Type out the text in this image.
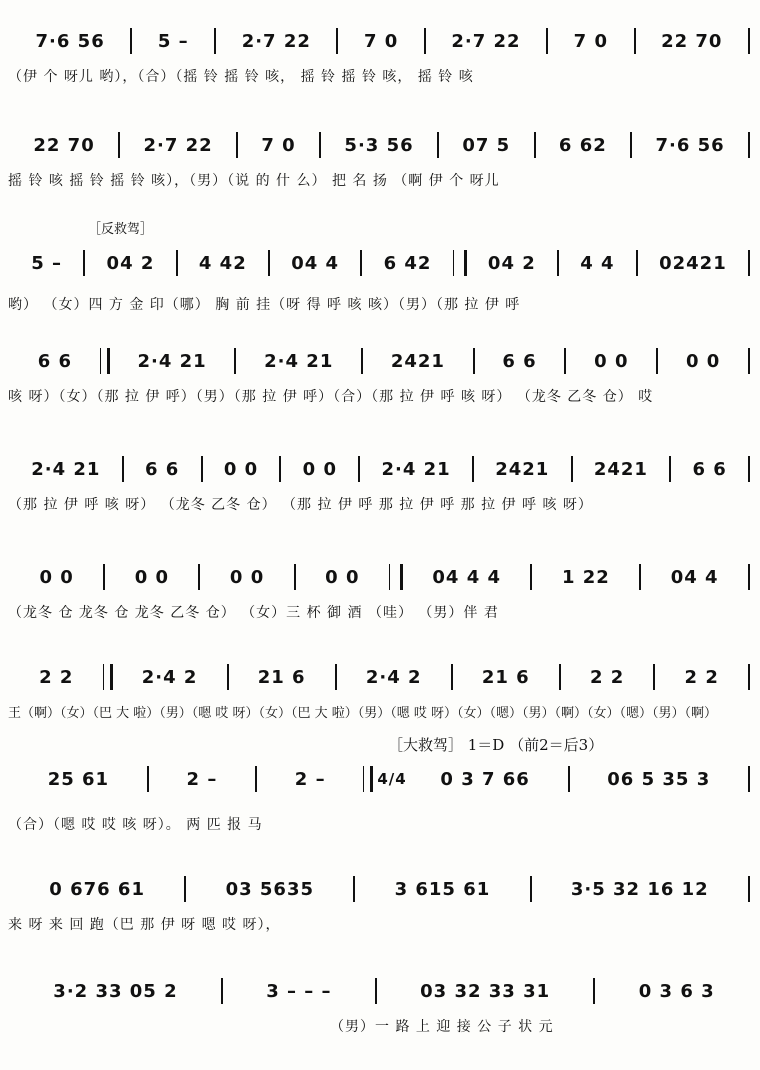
7·6 56	5 –	2·7 22	7 0	2·7 22	7 0	22 70
（伊 个 呀儿 哟），（合）（摇 铃 摇 铃 咳， 摇 铃 摇 铃 咳， 摇 铃 咳
22 70	2·7 22	7 0	5·3 56	07 5	6 62	7·6 56
摇 铃 咳 摇 铃 摇 铃 咳），（男）（说 的 什 么） 把 名 扬 （啊 伊 个 呀儿
［反救驾］
5 –	04 2	4 42	04 4	6 42	04 2	4 4	02421
哟） （女）四 方 金 印（哪） 胸 前 挂（呀 得 呼 咳 咳）（男）（那 拉 伊 呼
6 6	2·4 21	2·4 21	2421	6 6	0 0	0 0
咳 呀）（女）（那 拉 伊 呼）（男）（那 拉 伊 呼）（合）（那 拉 伊 呼 咳 呀） （龙冬 乙冬 仓） 哎
2·4 21	6 6	0 0	0 0	2·4 21	2421	2421	6 6
（那 拉 伊 呼 咳 呀） （龙冬 乙冬 仓） （那 拉 伊 呼 那 拉 伊 呼 那 拉 伊 呼 咳 呀）
0 0	0 0	0 0	0 0	04 4 4	1 22	04 4
（龙冬 仓 龙冬 仓 龙冬 乙冬 仓） （女）三 杯 御 酒 （哇） （男）伴 君
2 2	2·4 2	21 6	2·4 2	21 6	2 2	2 2
王（啊）（女）（巴 大 啦）（男）（嗯 哎 呀）（女）（巴 大 啦）（男）（嗯 哎 呀）（女）（嗯）（男）（啊）（女）（嗯）（男）（啊）
［大救驾］ 1＝D （前2＝后3）
25 61	2 –	2 –	4/4	0 3 7 66	06 5 35 3
（合）（嗯 哎 哎 咳 呀）。 两 匹 报 马
0 676 61	03 5635	3 615 61	3·5 32 16 12
来 呀 来 回 跑（巴 那 伊 呀 嗯 哎 呀），
3·2 33 05 2	3 – – –	03 32 33 31	0 3 6 3
（男）一 路 上 迎 接 公 子 状 元
